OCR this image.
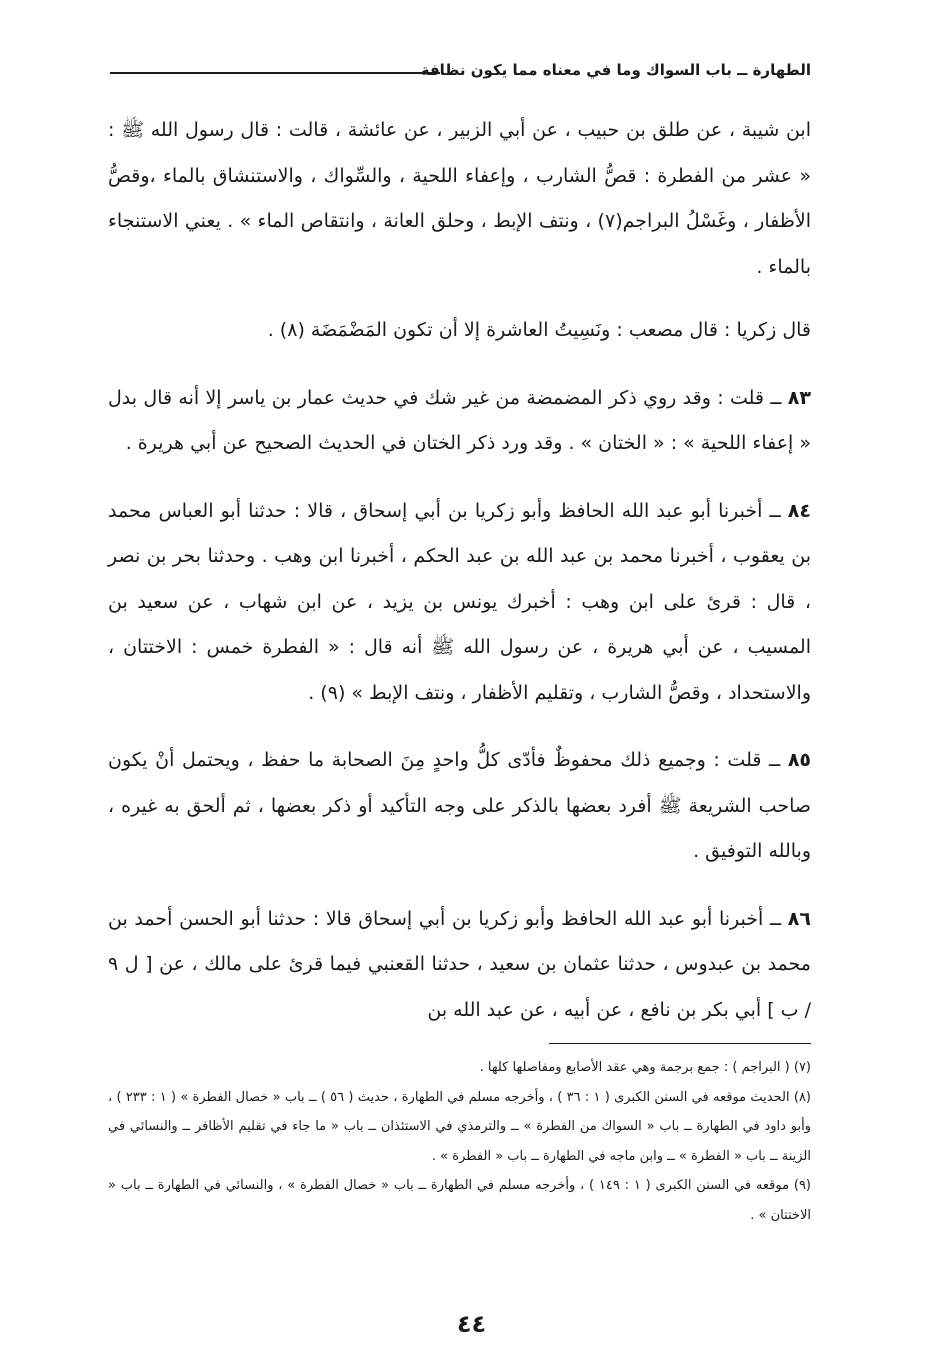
الطهارة ــ باب السواك وما في معناه مما يكون نظافة

ابن شيبة ، عن طلق بن حبيب ، عن أبي الزبير ، عن عائشة ، قالت : قال رسول الله ﷺ : « عشر من الفطرة : قصُّ الشارب ، وإعفاء اللحية ، والسِّواك ، والاستنشاق بالماء ،وقصُّ الأظفار ، وغَسْلُ البراجم(٧) ، ونتف الإبط ، وحلق العانة ، وانتقاص الماء » . يعني الاستنجاء بالماء .

قال زكريا : قال مصعب : ونَسِيتُ العاشرة إلا أن تكون المَضْمَضَة (٨) .

٨٣ ــ قلت : وقد روي ذكر المضمضة من غير شك في حديث عمار بن ياسر إلا أنه قال بدل « إعفاء اللحية » : « الختان » . وقد ورد ذكر الختان في الحديث الصحيح عن أبي هريرة .

٨٤ ــ أخبرنا أبو عبد الله الحافظ وأبو زكريا بن أبي إسحاق ، قالا : حدثنا أبو العباس محمد بن يعقوب ، أخبرنا محمد بن عبد الله بن عبد الحكم ، أخبرنا ابن وهب . وحدثنا بحر بن نصر ، قال : قرئ على ابن وهب : أخبرك يونس بن يزيد ، عن ابن شهاب ، عن سعيد بن المسيب ، عن أبي هريرة ، عن رسول الله ﷺ أنه قال : « الفطرة خمس : الاختتان ، والاستحداد ، وقصُّ الشارب ، وتقليم الأظفار ، ونتف الإبط » (٩) .

٨٥ ــ قلت : وجميع ذلك محفوظٌ فأدّى كلُّ واحدٍ مِنَ الصحابة ما حفظ ، ويحتمل أنْ يكون صاحب الشريعة ﷺ أفرد بعضها بالذكر على وجه التأكيد أو ذكر بعضها ، ثم ألحق به غيره ، وبالله التوفيق .

٨٦ ــ أخبرنا أبو عبد الله الحافظ وأبو زكريا بن أبي إسحاق قالا : حدثنا أبو الحسن أحمد بن محمد بن عبدوس ، حدثنا عثمان بن سعيد ، حدثنا القعنبي فيما قرئ على مالك ، عن [ ل ٩ / ب ] أبي بكر بن نافع ، عن أبيه ، عن عبد الله بن

(٧) ( البراجم ) : جمع برجمة وهي عقد الأصابع ومفاصلها كلها .

(٨) الحديث موقعه في السنن الكبرى ( ١ : ٣٦ ) ، وأخرجه مسلم في الطهارة ، حديث ( ٥٦ ) ــ باب « خصال الفطرة » ( ١ : ٢٣٣ ) ، وأبو داود في الطهارة ــ باب « السواك من الفطرة » ــ والترمذي في الاستئذان ــ باب « ما جاء في تقليم الأظافر ــ والنسائي في الزينة ــ باب « الفطرة » ــ وابن ماجه في الطهارة ــ باب « الفطرة » .

(٩) موقعه في السنن الكبرى ( ١ : ١٤٩ ) ، وأخرجه مسلم في الطهارة ــ باب « خصال الفطرة » ، والنسائي في الطهارة ــ باب « الاختتان » .

٤٤
